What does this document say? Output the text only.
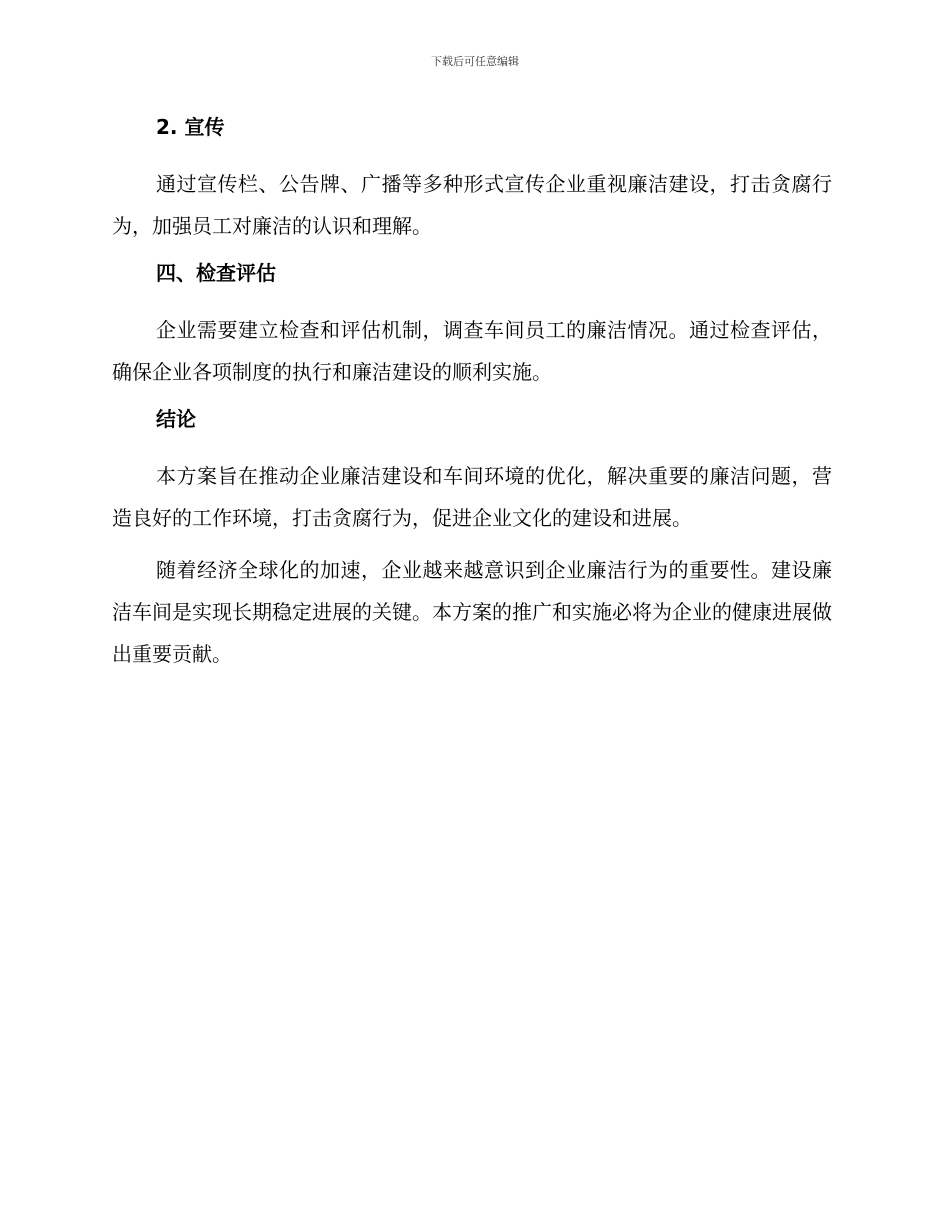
下载后可任意编辑
2. 宣传

通过宣传栏、公告牌、广播等多种形式宣传企业重视廉洁建设，打击贪腐行为，加强员工对廉洁的认识和理解。

四、检查评估

企业需要建立检查和评估机制，调查车间员工的廉洁情况。通过检查评估，确保企业各项制度的执行和廉洁建设的顺利实施。

结论

本方案旨在推动企业廉洁建设和车间环境的优化，解决重要的廉洁问题，营造良好的工作环境，打击贪腐行为，促进企业文化的建设和进展。

随着经济全球化的加速，企业越来越意识到企业廉洁行为的重要性。建设廉洁车间是实现长期稳定进展的关键。本方案的推广和实施必将为企业的健康进展做出重要贡献。
